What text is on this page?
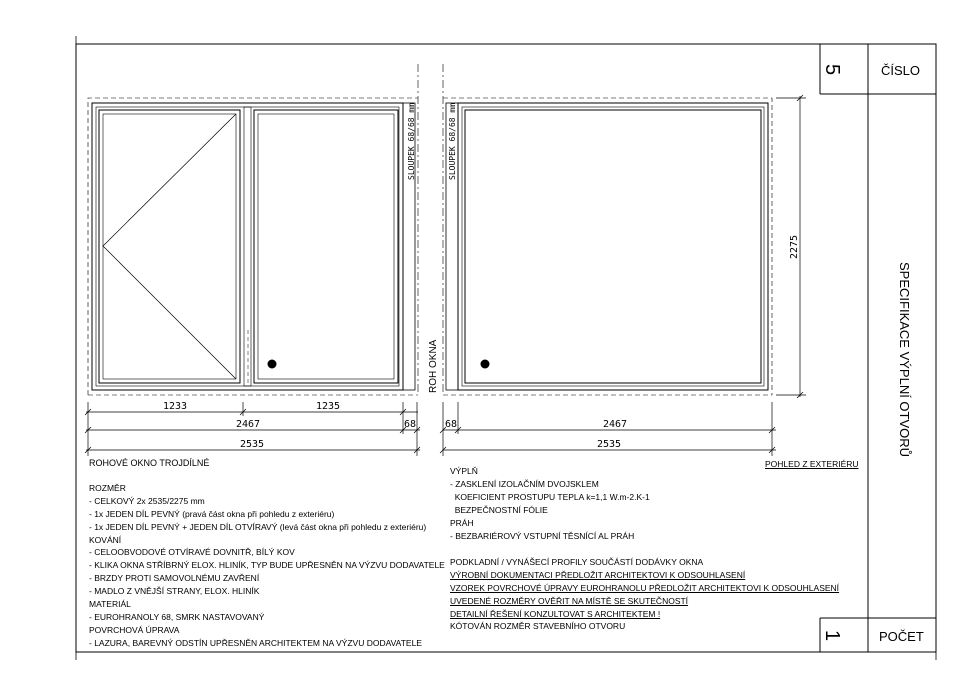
1233	1235
2467	68
2535
68	2467
2535
2275
SLOUPEK 68/68 mm	SLOUPEK 68/68 mm
ROH OKNA
5	ČÍSLO
1	POČET
SPECIFIKACE VÝPLNÍ OTVORŮ
POHLED Z EXTERIÉRU
ROHOVÉ OKNO TROJDÍLNÉ
ROZMĚR
- CELKOVÝ 2x 2535/2275 mm
- 1x JEDEN DÍL PEVNÝ (pravá část okna při pohledu z exteriéru)
- 1x JEDEN DÍL PEVNÝ + JEDEN DÍL OTVÍRAVÝ (levá část okna při pohledu z exteriéru)
KOVÁNÍ
- CELOOBVODOVÉ OTVÍRAVÉ DOVNITŘ, BÍLÝ KOV
- KLIKA OKNA STŘÍBRNÝ ELOX. HLINÍK, TYP BUDE UPŘESNĚN NA VÝZVU DODAVATELE
- BRZDY PROTI SAMOVOLNÉMU ZAVŘENÍ
- MADLO Z VNĚJŠÍ STRANY, ELOX. HLINÍK
MATERIÁL
- EUROHRANOLY 68, SMRK NASTAVOVANÝ
POVRCHOVÁ ÚPRAVA
- LAZURA, BAREVNÝ ODSTÍN UPŘESNĚN ARCHITEKTEM NA VÝZVU DODAVATELE
VÝPLŇ
- ZASKLENÍ IZOLAČNÍM DVOJSKLEM
KOEFICIENT PROSTUPU TEPLA k=1,1 W.m-2.K-1
BEZPEČNOSTNÍ FÓLIE
PRÁH
- BEZBARIÉROVÝ VSTUPNÍ TĚSNÍCÍ AL PRÁH
PODKLADNÍ / VYNÁŠECÍ PROFILY SOUČÁSTÍ DODÁVKY OKNA
VÝROBNÍ DOKUMENTACI PŘEDLOŽIT ARCHITEKTOVI K ODSOUHLASENÍ
VZOREK POVRCHOVÉ ÚPRAVY EUROHRANOLU PŘEDLOŽIT ARCHITEKTOVI K ODSOUHLASENÍ
UVEDENÉ ROZMĚRY OVĚŘIT NA MÍSTĚ SE SKUTEČNOSTÍ
DETAILNÍ ŘEŠENÍ KONZULTOVAT S ARCHITEKTEM !
KÓTOVÁN ROZMĚR STAVEBNÍHO OTVORU
